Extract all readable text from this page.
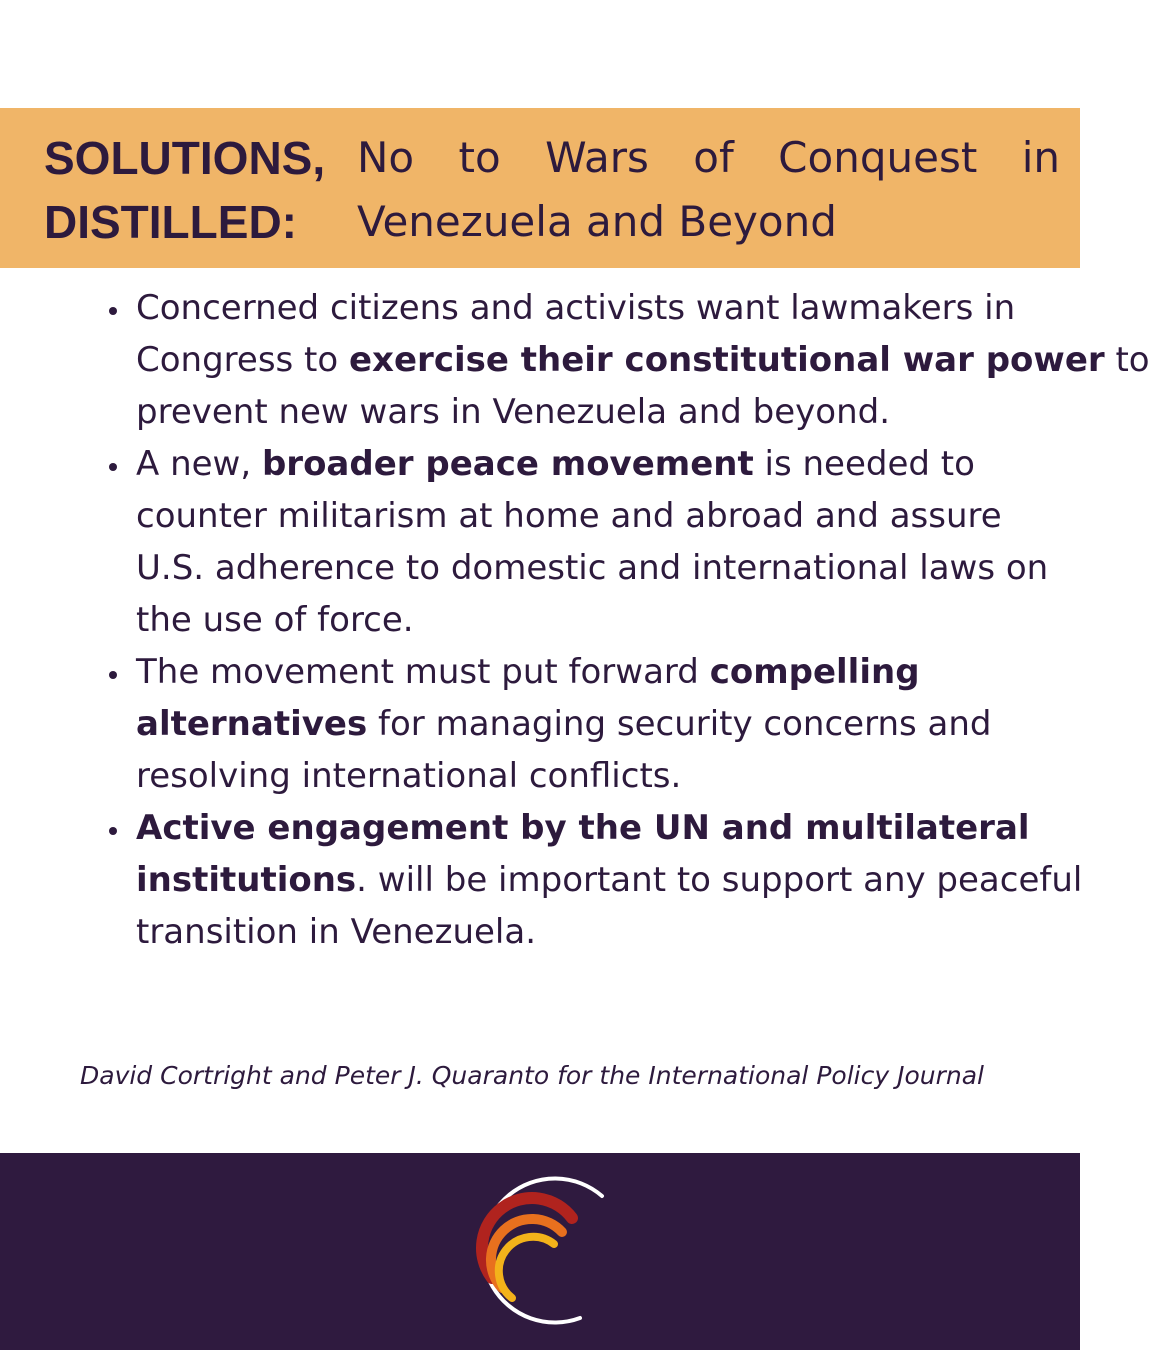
SOLUTIONS,
DISTILLED:
No to Wars of Conquest in
Venezuela and Beyond
Concerned citizens and activists want lawmakers in
Congress to exercise their constitutional war power to
prevent new wars in Venezuela and beyond.
A new, broader peace movement is needed to
counter militarism at home and abroad and assure
U.S. adherence to domestic and international laws on
the use of force.
The movement must put forward compelling
alternatives for managing security concerns and
resolving international conflicts.
Active engagement by the UN and multilateral
institutions. will be important to support any peaceful
transition in Venezuela.
David Cortright and Peter J. Quaranto for the International Policy Journal
